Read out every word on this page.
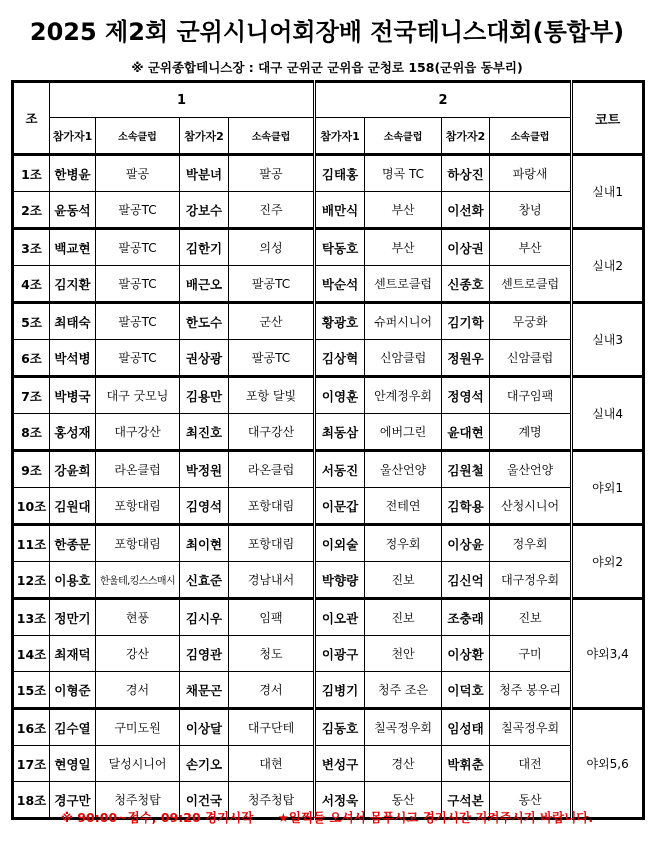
2025 제2회 군위시니어회장배 전국테니스대회(통합부)
※ 군위종합테니스장 : 대구 군위군 군위읍 군청로 158(군위읍 동부리)
조	1				2				코트
	참가자1	소속클럽	참가자2	소속클럽	참가자1	소속클럽	참가자2	소속클럽	
1조	한병윤	팔공	박분녀	팔공	김태홍	명곡 TC	하상진	파랑새	실내1
2조	윤동석	팔공TC	강보수	진주	배만식	부산	이선화	창녕	
3조	백교현	팔공TC	김한기	의성	탁동호	부산	이상권	부산	실내2
4조	김지환	팔공TC	배근오	팔공TC	박순석	센트로클럽	신종호	센트로클럽	
5조	최태숙	팔공TC	한도수	군산	황광호	슈퍼시니어	김기학	무궁화	실내3
6조	박석병	팔공TC	권상광	팔공TC	김상혁	신암클럽	정원우	신암클럽	
7조	박병국	대구 굿모닝	김용만	포항 달빛	이영훈	안계정우회	정영석	대구임팩	실내4
8조	홍성재	대구강산	최진호	대구강산	최동삼	에버그린	윤대현	계명	
9조	강윤희	라온클럽	박정원	라온클럽	서동진	울산언양	김원철	울산언양	야외1
10조	김원대	포항대림	김영석	포항대림	이문갑	전테연	김학용	산청시니어	
11조	한종문	포항대림	최이현	포항대림	이외술	정우회	이상윤	정우회	야외2
12조	이용호	한울테,킹스스매시	신효준	경남내서	박향량	진보	김신억	대구정우회	
13조	정만기	현풍	김시우	임팩	이오관	진보	조충래	진보	야외3,4
14조	최재덕	강산	김영관	청도	이광구	천안	이상환	구미	
15조	이형준	경서	채문곤	경서	김병기	청주 조은	이덕호	청주 봉우리	
16조	김수열	구미도원	이상달	대구단테	김동호	칠곡정우회	임성태	칠곡정우회	야외5,6
17조	현영일	달성시니어	손기오	대현	변성구	경산	박휘춘	대전	
18조	경구만	청주청탑	이건국	청주청탑	서정욱	동산	구석본	동산	
※ 90:00~접수, 09:20 경기시작 ★일찍들 오셔서 몸푸시고 경기시간 지켜주시기 바랍니다.
